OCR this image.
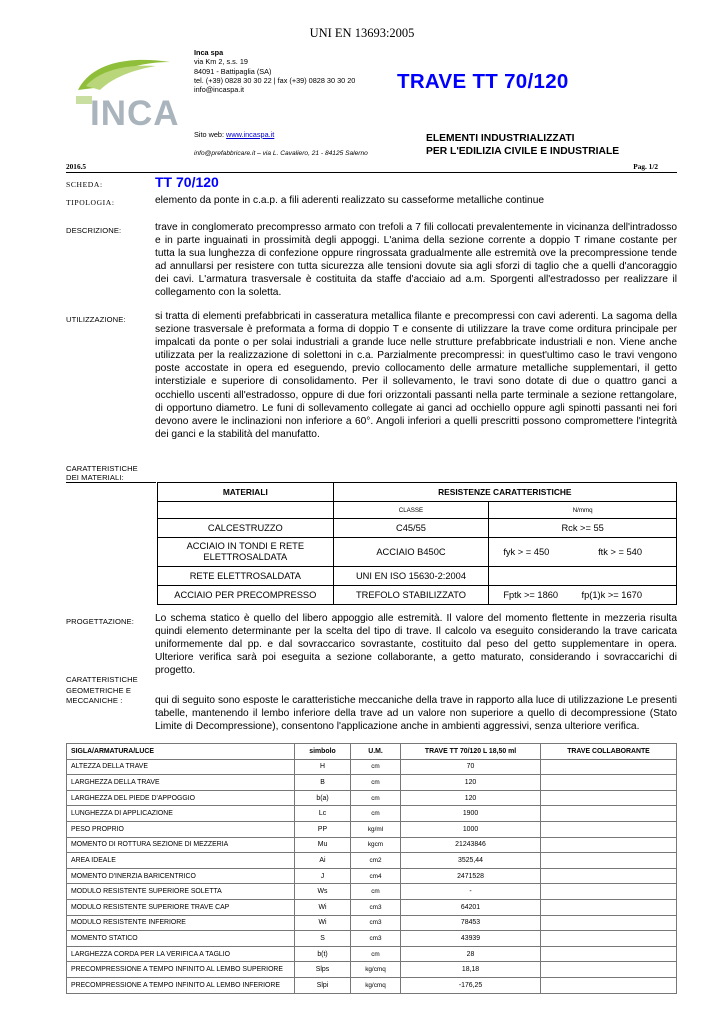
UNI EN 13693:2005
INCA
Inca spa
via Km 2, s.s. 19
84091 - Battipaglia (SA)
tel. (+39) 0828 30 30 22 | fax (+39) 0828 30 30 20
info@incaspa.it
Sito web: www.incaspa.it
info@prefabbricare.it – via L. Cavaliero, 21 - 84125 Salerno
TRAVE TT 70/120
ELEMENTI INDUSTRIALIZZATI
PER L'EDILIZIA CIVILE E INDUSTRIALE
2016.5	Pag. 1/2
SCHEDA:	TT 70/120
TIPOLOGIA:	elemento da ponte in c.a.p. a fili aderenti realizzato su casseforme metalliche continue
DESCRIZIONE:	trave in conglomerato precompresso armato con trefoli a 7 fili collocati prevalentemente in vicinanza dell'intradosso e in parte inguainati in prossimità degli appoggi. L'anima della sezione corrente a doppio T rimane costante per tutta la sua lunghezza di confezione oppure ringrossata gradualmente alle estremità ove la precompressione tende ad annullarsi per resistere con tutta sicurezza alle tensioni dovute sia agli sforzi di taglio che a quelli d'ancoraggio dei cavi. L'armatura trasversale è costituita da staffe d'acciaio ad a.m. Sporgenti all'estradosso per realizzare il collegamento con la soletta.
UTILIZZAZIONE:	si tratta di elementi prefabbricati in casseratura metallica filante e precompressi con cavi aderenti. La sagoma della sezione trasversale è preformata a forma di doppio T e consente di utilizzare la trave come orditura principale per impalcati da ponte o per solai industriali a grande luce nelle strutture prefabbricate industriali e non. Viene anche utilizzata per la realizzazione di solettoni in c.a. Parzialmente precompressi: in quest'ultimo caso le travi vengono poste accostate in opera ed eseguendo, previo collocamento delle armature metalliche supplementari, il getto interstiziale e superiore di consolidamento. Per il sollevamento, le travi sono dotate di due o quattro ganci a occhiello uscenti all'estradosso, oppure di due fori orizzontali passanti nella parte terminale a sezione rettangolare, di opportuno diametro. Le funi di sollevamento collegate ai ganci ad occhiello oppure agli spinotti passanti nei fori devono avere le inclinazioni non inferiore a 60°. Angoli inferiori a quelli prescritti possono compromettere l'integrità dei ganci e la stabilità del manufatto.
CARATTERISTICHE
DEI MATERIALI:
MATERIALI	RESISTENZE CARATTERISTICHE	
	CLASSE	N/mmq
CALCESTRUZZO	C45/55	Rck >= 55
ACCIAIO IN TONDI E RETE ELETTROSALDATA	ACCIAIO B450C	fyk > = 450 ftk > = 540

RETE ELETTROSALDATA	UNI EN ISO 15630-2:2004	
ACCIAIO PER PRECOMPRESSO	TREFOLO STABILIZZATO	Fptk >= 1860 fp(1)k >= 1670
PROGETTAZIONE: Lo schema statico è quello del libero appoggio alle estremità. Il valore del momento flettente in mezzeria risulta quindi elemento determinante per la scelta del tipo di trave. Il calcolo va eseguito considerando la trave caricata uniformemente dal pp. e dal sovraccarico sovrastante, costituito dal peso del getto supplementare in opera. Ulteriore verifica sarà poi eseguita a sezione collaborante, a getto maturato, considerando i sovraccarichi di progetto.
CARATTERISTICHE
GEOMETRICHE E
MECCANICHE :	qui di seguito sono esposte le caratteristiche meccaniche della trave in rapporto alla luce di utilizzazione Le presenti tabelle, mantenendo il lembo inferiore della trave ad un valore non superiore a quello di decompressione (Stato Limite di Decompressione), consentono l'applicazione anche in ambienti aggressivi, senza ulteriore verifica.
SIGLA/ARMATURA/LUCE	simbolo	U.M.	TRAVE TT 70/120 L 18,50 ml	TRAVE COLLABORANTE
ALTEZZA DELLA TRAVE	H	cm	70	
LARGHEZZA DELLA TRAVE	B	cm	120	
LARGHEZZA DEL PIEDE D'APPOGGIO	b(a)	cm	120	
LUNGHEZZA DI APPLICAZIONE	Lc	cm	1900	
PESO PROPRIO	PP	kg/ml	1000	
MOMENTO DI ROTTURA SEZIONE DI MEZZERIA	Mu	kgcm	21243846	
AREA IDEALE	Ai	cm2	3525,44	
MOMENTO D'INERZIA BARICENTRICO	J	cm4	2471528	
MODULO RESISTENTE SUPERIORE SOLETTA	Ws	cm	-	
MODULO RESISTENTE SUPERIORE TRAVE CAP	Wi	cm3	64201	
MODULO RESISTENTE INFERIORE	Wi	cm3	78453	
MOMENTO STATICO	S	cm3	43939	
LARGHEZZA CORDA PER LA VERIFICA A TAGLIO	b(t)	cm	28	
PRECOMPRESSIONE A TEMPO INFINITO AL LEMBO SUPERIORE	Slps	kg/cmq	18,18	
PRECOMPRESSIONE A TEMPO INFINITO AL LEMBO INFERIORE	Slpi	kg/cmq	-176,25	
